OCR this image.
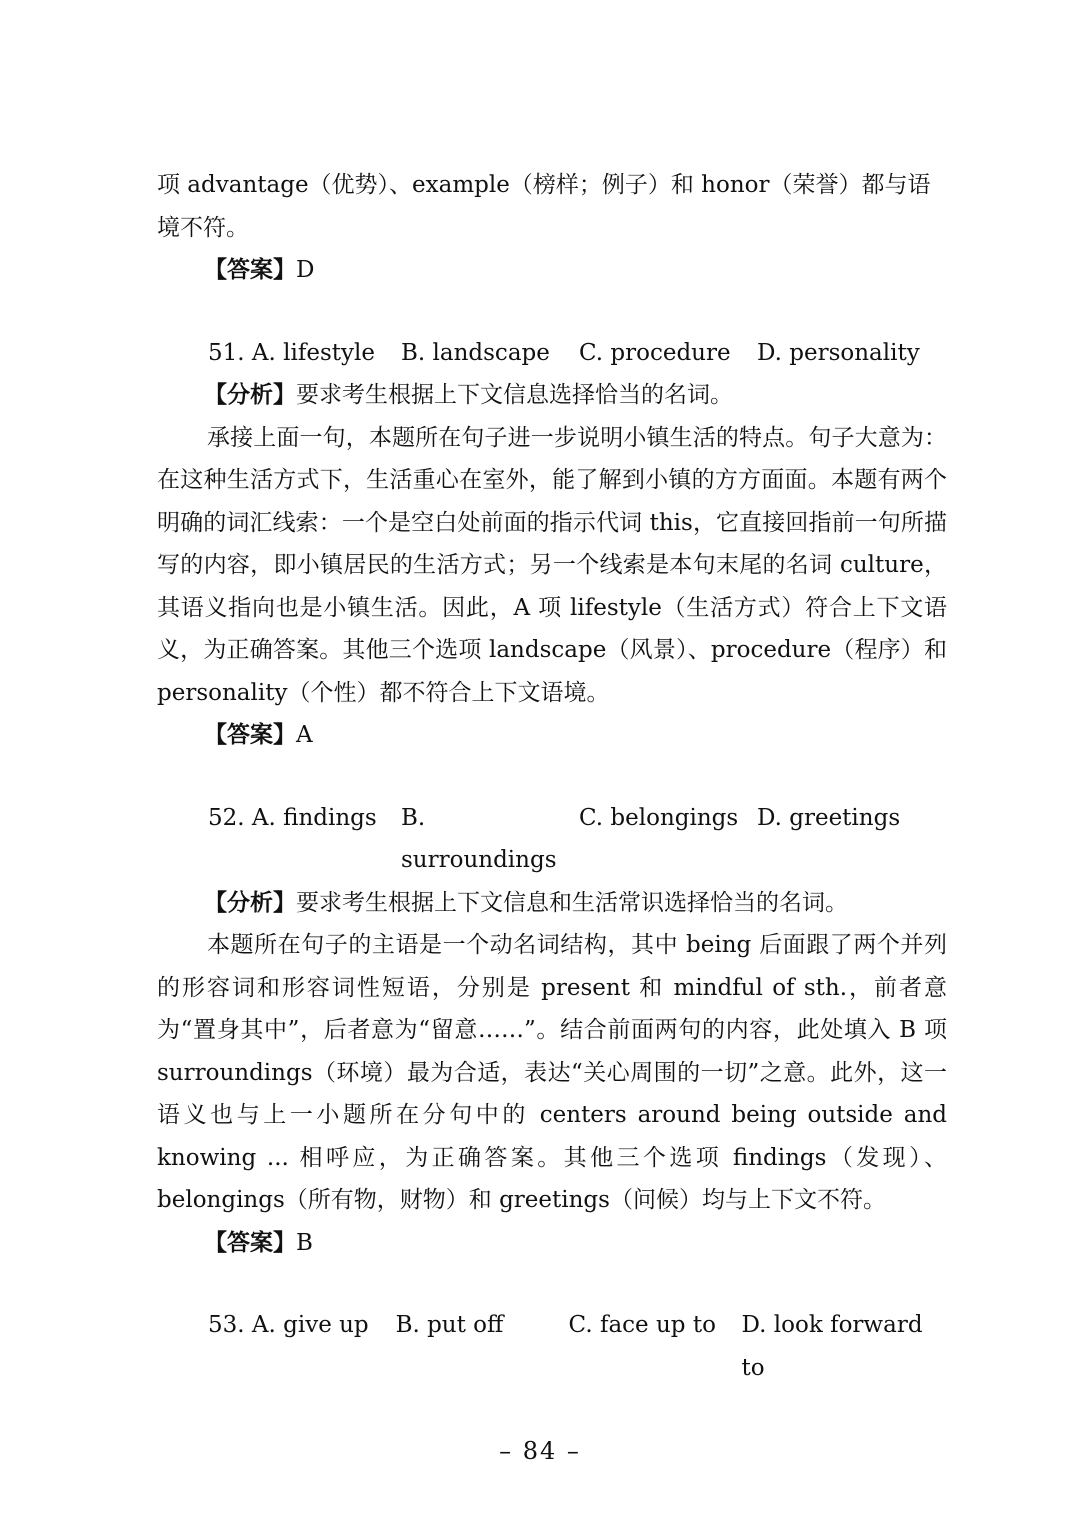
项 advantage（优势）、example（榜样；例子）和 honor（荣誉）都与语
境不符。

【答案】D

51. A. lifestyle	B. landscape	C. procedure	D. personality

【分析】要求考生根据上下文信息选择恰当的名词。

承接上面一句，本题所在句子进一步说明小镇生活的特点。句子大意为：在这种生活方式下，生活重心在室外，能了解到小镇的方方面面。本题有两个明确的词汇线索：一个是空白处前面的指示代词 this，它直接回指前一句所描写的内容，即小镇居民的生活方式；另一个线索是本句末尾的名词 culture，其语义指向也是小镇生活。因此，A 项 lifestyle（生活方式）符合上下文语义，为正确答案。其他三个选项 landscape（风景）、procedure（程序）和 personality（个性）都不符合上下文语境。

【答案】A

52. A. findings	B. surroundings
C. belongings D. greetings

【分析】要求考生根据上下文信息和生活常识选择恰当的名词。

本题所在句子的主语是一个动名词结构，其中 being 后面跟了两个并列的形容词和形容词性短语，分别是 present 和 mindful of sth.，前者意为“置身其中”，后者意为“留意……”。结合前面两句的内容，此处填入 B 项 surroundings（环境）最为合适，表达“关心周围的一切”之意。此外，这一语义也与上一小题所在分句中的 centers around being outside and knowing ... 相呼应，为正确答案。其他三个选项 findings（发现）、belongings（所有物，财物）和 greetings（问候）均与上下文不符。

【答案】B

53. A. give up	B. put off	C. face up to	D. look forward to
– 84 –
